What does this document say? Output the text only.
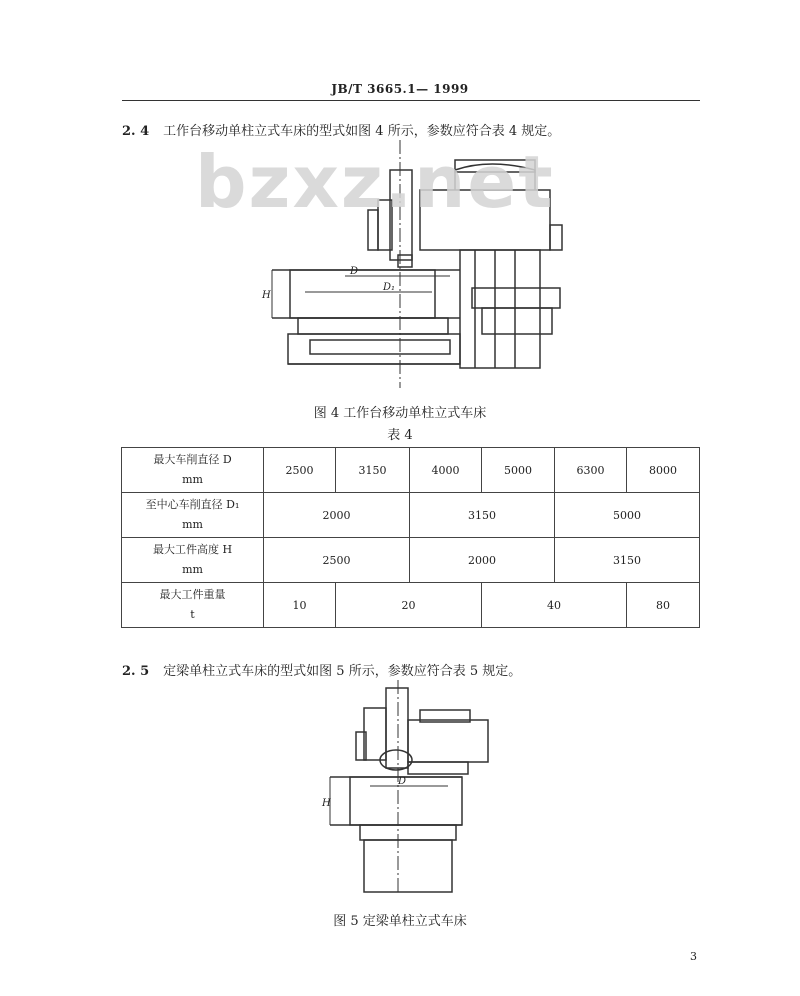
JB/T 3665.1— 1999
2. 4 工作台移动单柱立式车床的型式如图 4 所示，参数应符合表 4 规定。
H
D
D₁
bzxz.net
图 4 工作台移动单柱立式车床
表 4
最大车削直径 D
mm	2500	3150	4000	5000	6300	8000
至中心车削直径 D₁
mm	2000		3150		5000	
最大工件高度 H
mm	2500		2000		3150	
最大工件重量
t	10	20		40		80
2. 5 定梁单柱立式车床的型式如图 5 所示，参数应符合表 5 规定。
H
D
图 5 定梁单柱立式车床
3
